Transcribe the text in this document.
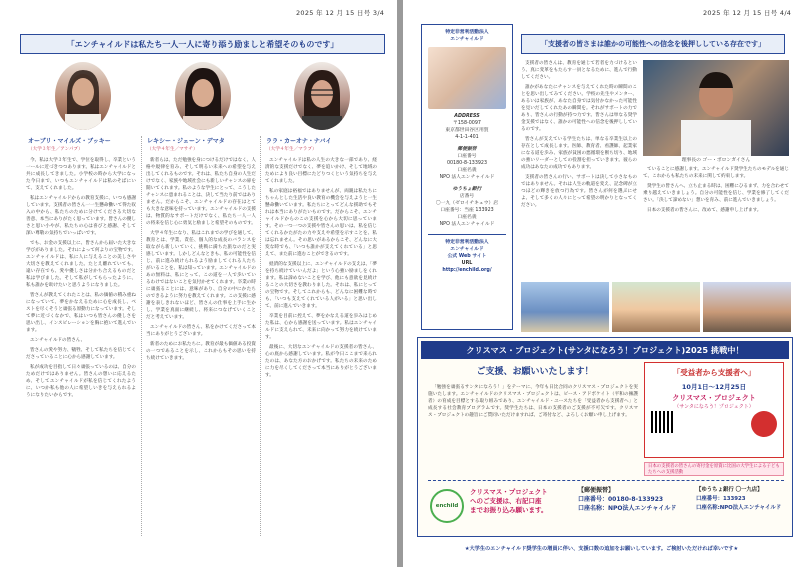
2025 年 12 月 15 日号 3/4
「エンチャイルドは私たち一人一人に寄り添う励ましと希望そのものです」
オーブリ・マイルズ・ブッキー
（大学３年生／アンパブ）
レキシー・ジェーン・デマタ
（大学４年生／マサチ）
ララ・カーオナ・ナバイ
（大学４年生／マラブ）

今、私は大学３年生で、学位を取得し、卒業という一ールに近づきつつあります。私はエンチャイルドと共に成長してきました。小学校の時から大学になった今日まで、いつもエンチャイルドは私のそばにいて、支えてくれました。

私はエンチャイルドからの教育支援に、いつも感謝しています。支援者の皆さん一一生懸命働いて得た収入の中から、私たちのために分けてくださる大切な善意、本当にありがたく思っています。皆さんの優しさと思い小やが、私たちの心は喜びと感謝、そして深い尊敬の気持ちでいっぱいです。

でも、お金の支援以上に、皆さんから届いた大きな学びがありました。それによって何よりの宝物です。エンチャイルドは、私に人に与えることの美しさや大切さを教えてくれました。たとえ離れていても、遠い存在でも、愛や優しさは分かち合えるものだと私は学びました。そして私がしてもらったように、私も誰かを助けたいと思うようになりました。

皆さんが教えてくれたことは、私の価値の積み重ねになっていて、夢をかなえるために心を成長し、ベストを尽くそうと頑張る原動力になっています。そして夢に近づくなかで、私はいつも皆さんの優しさを思い出し、インスピレーションを胸に抱いて進んでいます。

エンチャイルドの皆さん、

皆さんの愛や努力、犠牲、そして私たちを信じてくださっていることに心から感謝しています。

私が成功を目指して日々頑張っているのは、自分のためだけではありません。皆さんの想いに応えるため、そしてエンチャイルドが私を信じてくれたように、いつか私も他の人に希望しいきを与えられるようになりたいからです。

新者らは、ただ勉強を身につけるだけではなく、人格や規律を育み、そして明るい未来への希望を与え出してくれるものです。それは、私たち自身の人生だけでなく、家族や地域社会にも新しいチャンスの扉を開いてくれます。私のような学生にとって、こうしたチャンスに恵まれることは、決して当たり前ではありません。だからこそ、エンチャイルドの存在はとても大きな意味を持っています。エンチャイルドの支援は、物質的なサポートだけでなく、私たち一人一人の将来を信じ心に勇気と励ましと希望そのものです。

大学４年生になり、私はこれまでの学びを通して、教育とは、学業、責任、個人的な成長のバランスを取ながら新しいていく、挑戦に満ちた旅なのだと実感しています。しかしどんなときも、私の可能性を信じ、前に進み続けられるよう励ましてくれる人たちがいることを、私は知っています。エンチャイルドのあの無料は、私にとって、この道を一人で歩いているわけではないことを気付かせてくれます。卒業の時に頑張ることには、意味があり、自分の中にかたちのできるように努力を教えてくれます。この支援に感謝を表しきれないほど、皆さんの仕事を上手に生かし、学業を真面に継続し、将来につなげていくことだと考えています。

エンチャイルドの皆さん、私をかけてくださって本当にありがとうございます。

新者のためにお私たちに。教育が最も価値ある投資の一つであることを示し、これからもその思いを持ち続けていきます。

エンチャイルドは私の人生の大きな一部であり、経済的な支援だけでなく、夢を追いかけ、そして地域のためにより良い目標にたどりつくという気持ちを与えてくれました。

私の家庭は裕福ではありませんが、両親は私たちにちゃんとした生活や良い教育の機会を与えようと一生懸命働いています。私たちにとってどんな援助でもそれは本当にありがたいものです。だからこそ、エンチャイルドからのこの支援を心から大切に思っています。その一つ一つの支援や皆さんの思いは、私を信じてくれるかたがたの力や支えや希望を示すことを、私は忘れません。その思いがあるからこそ、どんなに大変な時でも、「いつも誰かが支えてくれている」と思えて、また前に進むことができるのです。

経済的な支援以上に、エンチャイルドの支えは、「夢を持ち続けていいんだよ」という心強い励ましをくれます。私は諦めないことを学び、他にも意欲を見続けることの大切さを教わりました。それは、私にとっての宝物です。そしてこれからも、どんなに困難な時でも、「いつも支えてくれている人がいる」と思い出して、前に進んでいきます。

卒業を目前に控えて、夢をかなえる道を歩みはじめた私は、心から感謝を送っています。私はエンチャイルドに支えられて、未来に向かって努力を続けています。

最後に、大切なエンチャイルドの支援者の皆さん、心の底から感謝しています。私が今日ここまで来られたのは、あなた方のおかげです。私たちの未来のために力を尽くしてくださって本当にありがとうございます。

2025 年 12 月 15 日号 4/4
特定非営利活動法人
エンチャイルド
ADDRESS
〒158-0097
東京都世田谷区用賀
4-1-1-401
郵便振替
口座番号
00180-8-133923
口座名義
NPO 法人エンチャイルド
ゆうちょ銀行
店番号
〇一九（ゼロイチキュウ）店
口座番号：当座 133923
口座名義
NPO 法人エンチャイルド
特定非営利活動法人
エンチャイルド
公式 Web サイト
URL
http://enchild.org/
「支援者の皆さまは誰かの可能性への信念を後押ししている存在です」

支援者の皆さんは、教育を通じて若者を力づけるという、真に変革をもたらす一員となるために、進んで行動してください。

誰かがあなたにチャンスを与えてくれた時の瞬間のことを思い出してみてください。学校の先生やメンター、あるいは家族が、あなた自身では気付かなかった可能性を見いだしてくれたあの瞬間を。それがサポートの力であり、皆さんの行動が持つ力です。皆さんは単なる奨学金支援ではなく、誰かの可能性への信念を後押ししているのです。

皆さんが支えている学生たちは、単なる卒業生以上の存在として成長します。医師、教育者、看護師、起業家になる道を歩み、家族が貧困の悪循環を断ち切り、地域の強いリーダーとしての役割を担っていきます。彼らの成功はあなたの成功でもあります。

支援者の皆さんの行い、サポートは決して小さなものではありません。それは人生の軌道を変え、記念碑が立つほどの輝きを放つ行為です。皆さんが何を選ぶにせよ、そして多くの人々にとって希望の明かりとなってください。

理事長の ゴー・ボロンガイさん

ていることに感謝します。エンチャイルド奨学生たちのモデルを通じて、これからも私たちの未来に関して約束します。

奨学生の皆さんへ、立ち止まる時は、困難にひるまず、力を合わせて乗り越えていきましょう。自分の可能性を信じ、学業を修了してください。「決して諦めない」想いを育み、前に進んでいきましょう。

日本の支援者の皆さんに、改めて、感謝申し上げます。

クリスマス・プロジェクト(サンタになろう！プロジェクト)2025 挑戦中！
ご支援、お願いいたします！

「勉強を頑張るサンタになろう！」をテーマに、今年も日比合同のクリスマス・プロジェクトを実施いたします。エンチャイルドのクリスマス・プロジェクトは、ピース・アドボケイト（平和の擁護者）の育成を目標とする取り組みであり、エンチャイルド・ユースたちを「受益者から支援者へ」と成長する社会教育プログラムです。奨学生たちは、日本の支援者のご支援が不可欠です。クリスマス・プロジェクトの趣旨にご賛同いただけますれば、ご寄付など、よろしくお願い申し上げます。

「受益者から支援者へ」
10月1日〜12月25日
クリスマス・プロジェクト
（サンタになろう！プロジェクト）
日本の支援者の皆さんの寄付金を原資に比国の大学生による子どもたちへの支援活動
enchild
クリスマス・プロジェクト
へのご支援は、右記口座
までお振り込み願います。
【郵便振替】
口座番号：00180-8-133923
口座名称：NPO法人エンチャイルド
【ゆうちょ銀行 〇一九店】
口座番号：133923
口座名称:NPO法人エンチャイルド
★大学生のエンチャイルド奨学生の増員に伴い、支援口数の追加をお願いしています。ご検討いただければ幸いです★
